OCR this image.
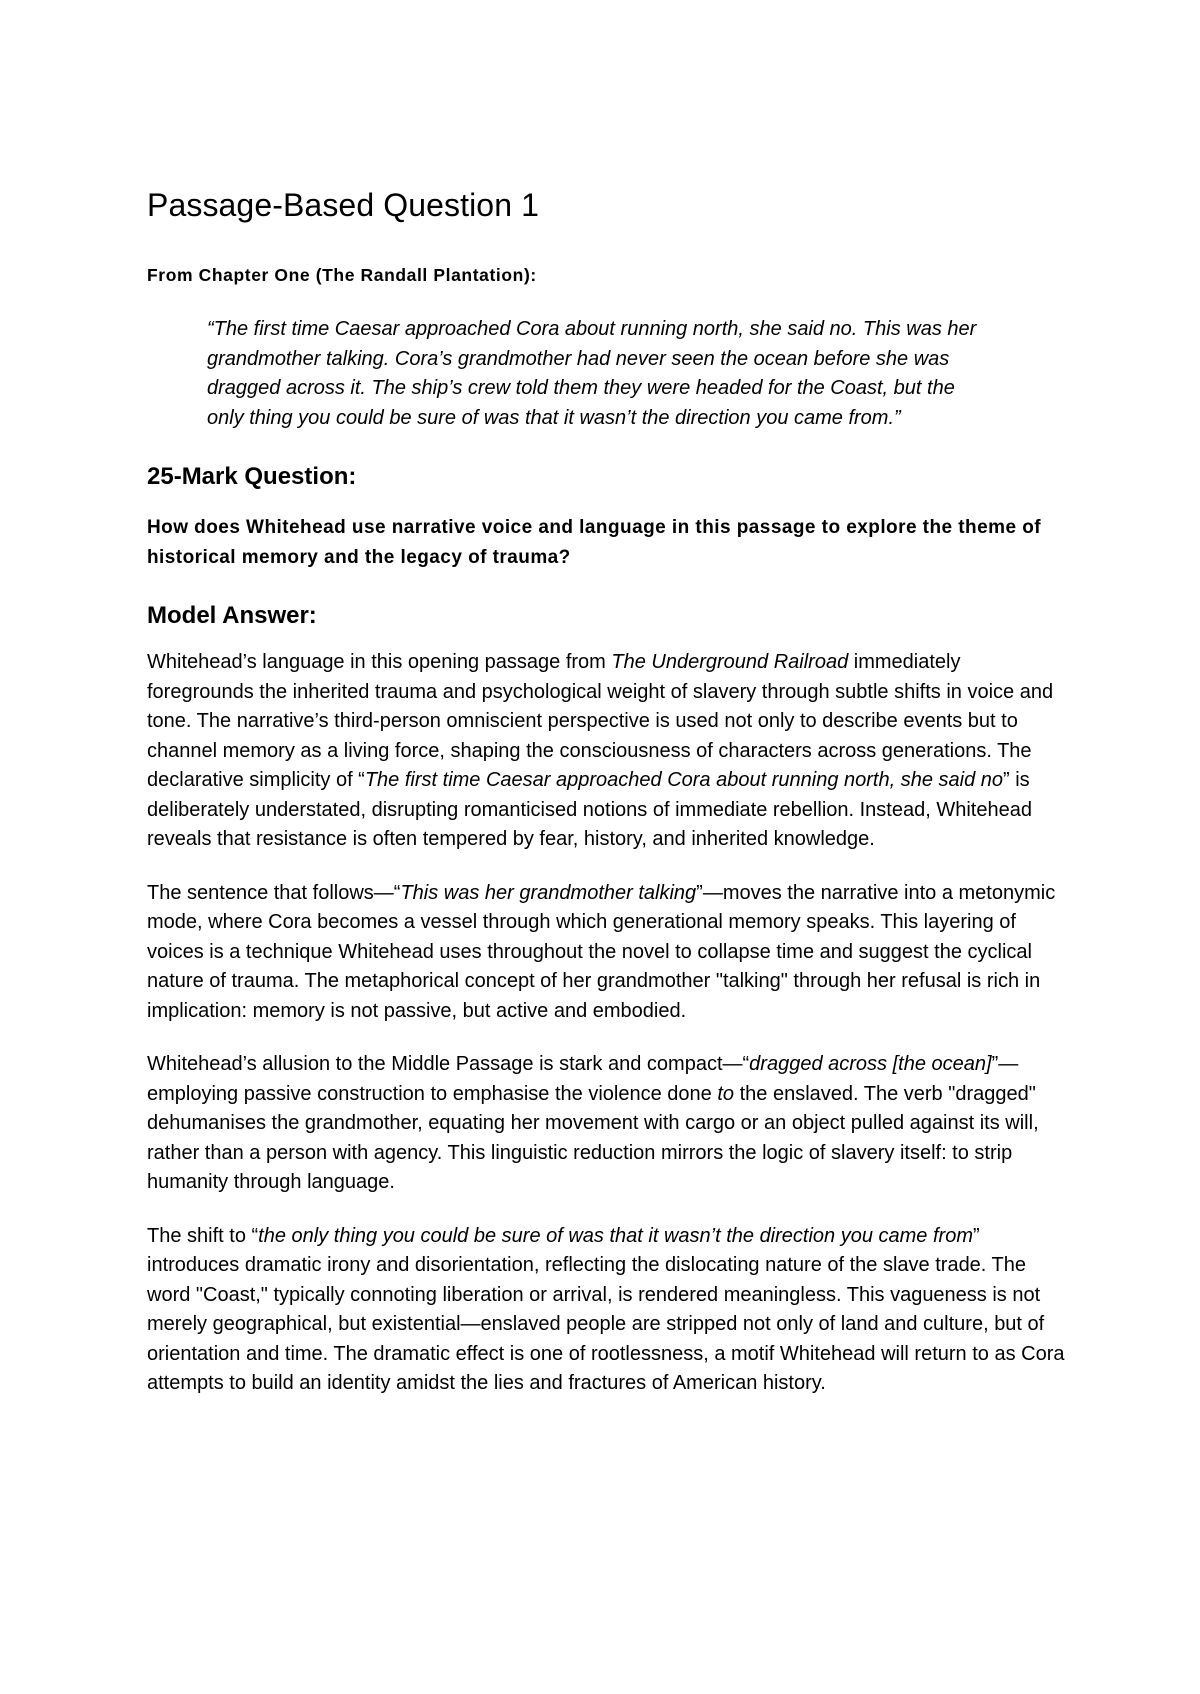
Passage-Based Question 1
From Chapter One (The Randall Plantation):
“The first time Caesar approached Cora about running north, she said no. This was her grandmother talking. Cora’s grandmother had never seen the ocean before she was dragged across it. The ship’s crew told them they were headed for the Coast, but the only thing you could be sure of was that it wasn’t the direction you came from.”
25-Mark Question:
How does Whitehead use narrative voice and language in this passage to explore the theme of historical memory and the legacy of trauma?
Model Answer:

Whitehead’s language in this opening passage from The Underground Railroad immediately foregrounds the inherited trauma and psychological weight of slavery through subtle shifts in voice and tone. The narrative’s third-person omniscient perspective is used not only to describe events but to channel memory as a living force, shaping the consciousness of characters across generations. The declarative simplicity of “The first time Caesar approached Cora about running north, she said no” is deliberately understated, disrupting romanticised notions of immediate rebellion. Instead, Whitehead reveals that resistance is often tempered by fear, history, and inherited knowledge.

The sentence that follows—“This was her grandmother talking”—moves the narrative into a metonymic mode, where Cora becomes a vessel through which generational memory speaks. This layering of voices is a technique Whitehead uses throughout the novel to collapse time and suggest the cyclical nature of trauma. The metaphorical concept of her grandmother "talking" through her refusal is rich in implication: memory is not passive, but active and embodied.

Whitehead’s allusion to the Middle Passage is stark and compact—“dragged across [the ocean]”—employing passive construction to emphasise the violence done to the enslaved. The verb "dragged" dehumanises the grandmother, equating her movement with cargo or an object pulled against its will, rather than a person with agency. This linguistic reduction mirrors the logic of slavery itself: to strip humanity through language.

The shift to “the only thing you could be sure of was that it wasn’t the direction you came from” introduces dramatic irony and disorientation, reflecting the dislocating nature of the slave trade. The word "Coast," typically connoting liberation or arrival, is rendered meaningless. This vagueness is not merely geographical, but existential—enslaved people are stripped not only of land and culture, but of orientation and time. The dramatic effect is one of rootlessness, a motif Whitehead will return to as Cora attempts to build an identity amidst the lies and fractures of American history.
